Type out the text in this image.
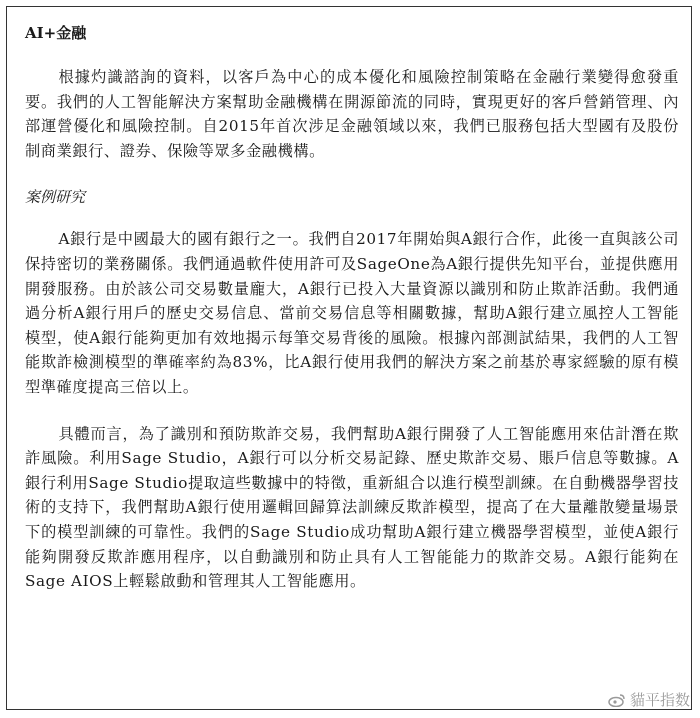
AI+金融

根據灼識諮詢的資料，以客戶為中心的成本優化和風險控制策略在金融行業變得愈發重要。我們的人工智能解決方案幫助金融機構在開源節流的同時，實現更好的客戶營銷管理、內部運營優化和風險控制。自2015年首次涉足金融領域以來，我們已服務包括大型國有及股份制商業銀行、證券、保險等眾多金融機構。

案例研究

A銀行是中國最大的國有銀行之一。我們自2017年開始與A銀行合作，此後一直與該公司保持密切的業務關係。我們通過軟件使用許可及SageOne為A銀行提供先知平台，並提供應用開發服務。由於該公司交易數量龐大，A銀行已投入大量資源以識別和防止欺詐活動。我們通過分析A銀行用戶的歷史交易信息、當前交易信息等相關數據，幫助A銀行建立風控人工智能模型，使A銀行能夠更加有效地揭示每筆交易背後的風險。根據內部測試結果，我們的人工智能欺詐檢測模型的準確率約為83%，比A銀行使用我們的解決方案之前基於專家經驗的原有模型準確度提高三倍以上。

具體而言，為了識別和預防欺詐交易，我們幫助A銀行開發了人工智能應用來估計潛在欺詐風險。利用Sage Studio，A銀行可以分析交易記錄、歷史欺詐交易、賬戶信息等數據。A銀行利用Sage Studio提取這些數據中的特徵，重新組合以進行模型訓練。在自動機器學習技術的支持下，我們幫助A銀行使用邏輯回歸算法訓練反欺詐模型，提高了在大量離散變量場景下的模型訓練的可靠性。我們的Sage Studio成功幫助A銀行建立機器學習模型，並使A銀行能夠開發反欺詐應用程序，以自動識別和防止具有人工智能能力的欺詐交易。A銀行能夠在Sage AIOS上輕鬆啟動和管理其人工智能應用。

貓平指数
